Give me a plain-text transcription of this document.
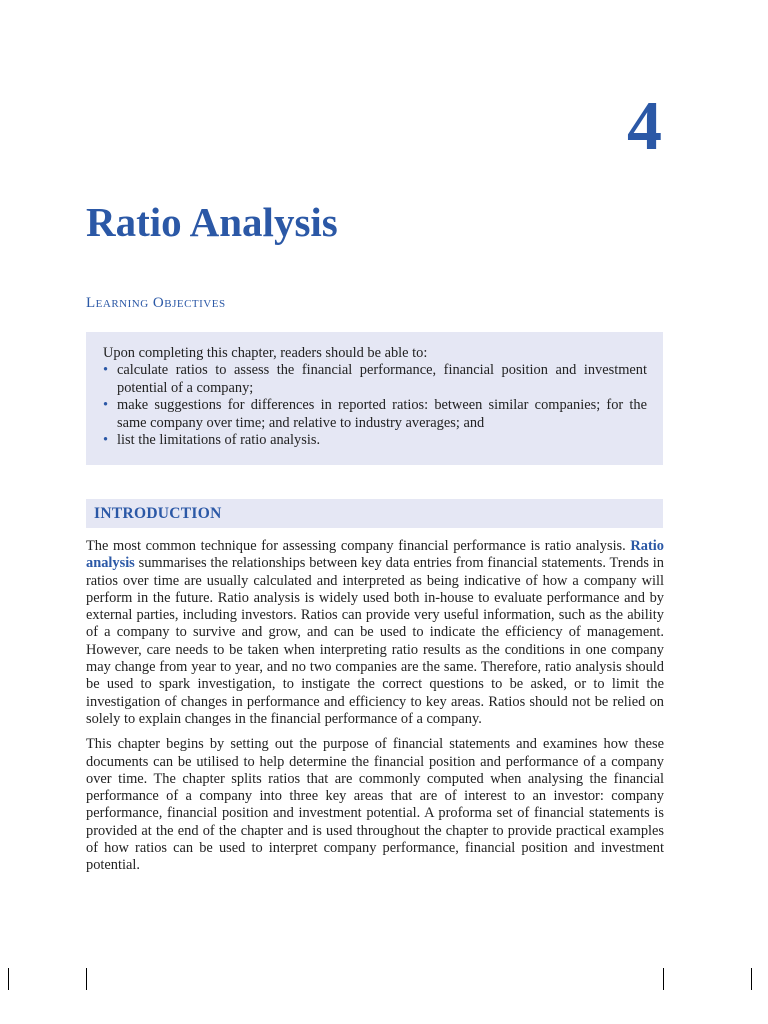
4
Ratio Analysis
Learning Objectives

Upon completing this chapter, readers should be able to:

• calculate ratios to assess the financial performance, financial position and investment potential of a company;
• make suggestions for differences in reported ratios: between similar companies; for the same company over time; and relative to industry averages; and
• list the limitations of ratio analysis.
INTRODUCTION

The most common technique for assessing company financial performance is ratio analysis. Ratio analysis summarises the relationships between key data entries from financial statements. Trends in ratios over time are usually calculated and interpreted as being indicative of how a company will perform in the future. Ratio analysis is widely used both in-house to evaluate performance and by external parties, including investors. Ratios can provide very useful information, such as the ability of a company to survive and grow, and can be used to indicate the efficiency of management. However, care needs to be taken when interpreting ratio results as the conditions in one company may change from year to year, and no two companies are the same. Therefore, ratio analysis should be used to spark investigation, to instigate the correct questions to be asked, or to limit the investigation of changes in performance and efficiency to key areas. Ratios should not be relied on solely to explain changes in the financial performance of a company.

This chapter begins by setting out the purpose of financial statements and examines how these documents can be utilised to help determine the financial position and performance of a company over time. The chapter splits ratios that are commonly computed when analysing the financial performance of a company into three key areas that are of interest to an investor: company performance, financial position and investment potential. A proforma set of financial statements is provided at the end of the chapter and is used throughout the chapter to provide practical examples of how ratios can be used to interpret company performance, financial position and investment potential.
